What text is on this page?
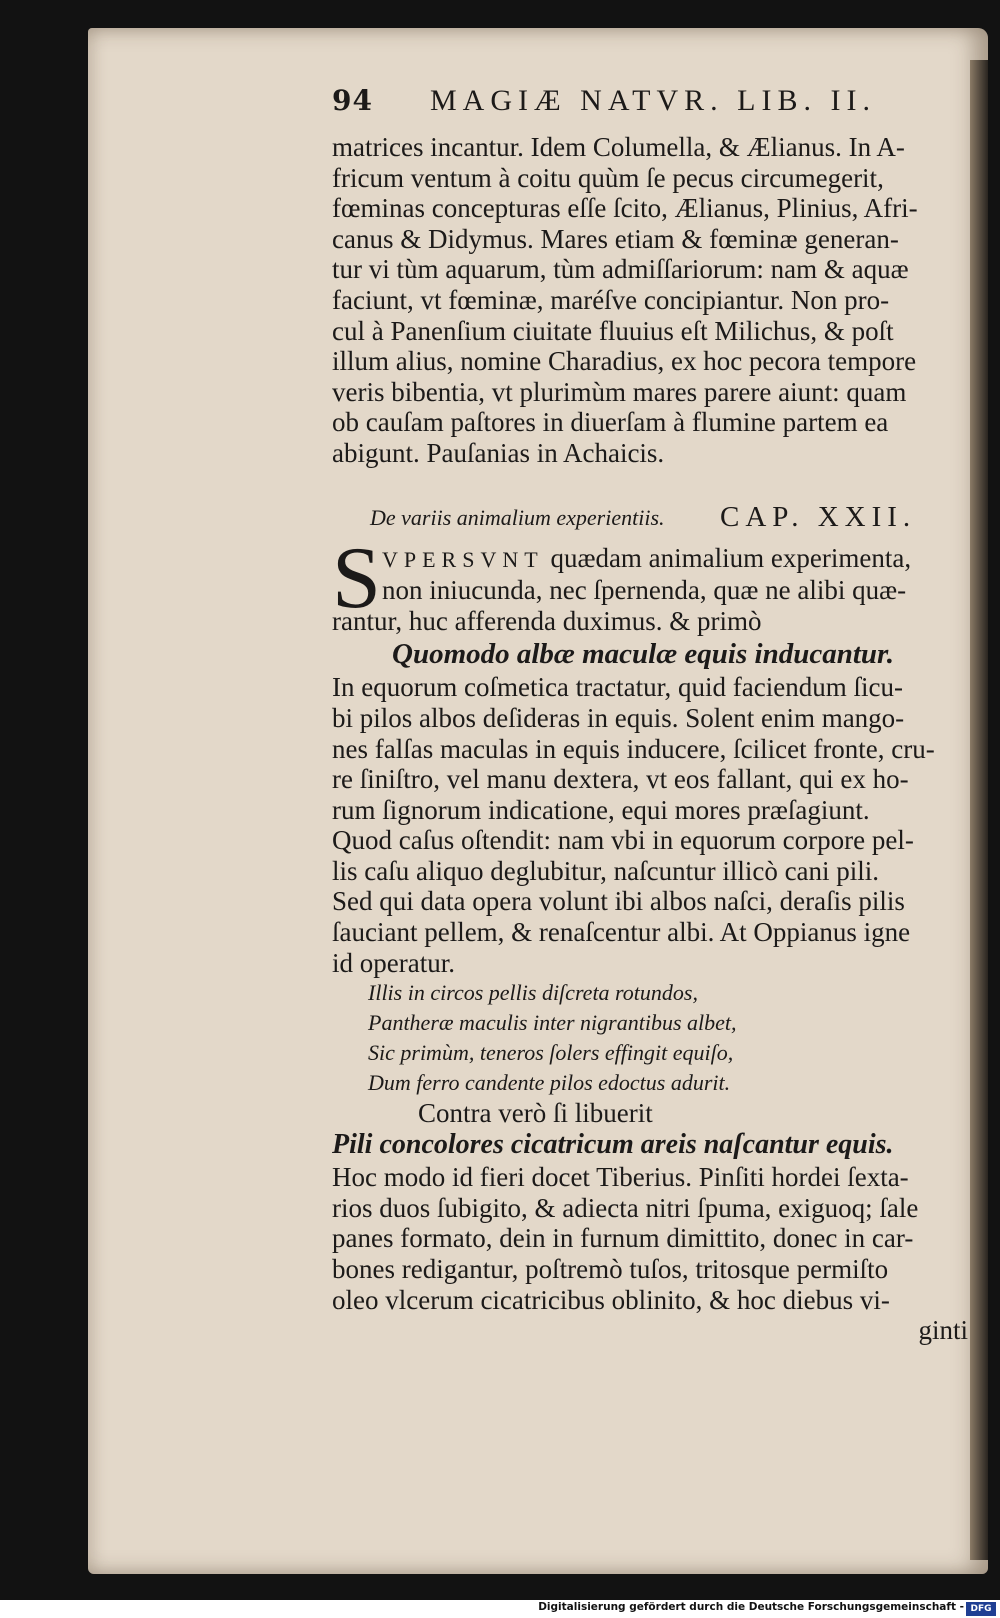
94 MAGIÆ NATVR. LIB. II.
matrices incantur. Idem Columella, & Ælianus. In A-
fricum ventum à coitu quùm ſe pecus circumegerit,
fœminas concepturas eſſe ſcito, Ælianus, Plinius, Afri-
canus & Didymus. Mares etiam & fœminæ generan-
tur vi tùm aquarum, tùm admiſſariorum: nam & aquæ
faciunt, vt fœminæ, maréſve concipiantur. Non pro-
cul à Panenſium ciuitate fluuius eſt Milichus, & poſt
illum alius, nomine Charadius, ex hoc pecora tempore
veris bibentia, vt plurimùm mares parere aiunt: quam
ob cauſam paſtores in diuerſam à flumine partem ea
abigunt. Pauſanias in Achaicis.
De variis animalium experientiis. CAP. XXII.
S VPERSVNT quædam animalium experimenta,
non iniucunda, nec ſpernenda, quæ ne alibi quæ-
rantur, huc afferenda duximus. & primò
Quomodo albæ maculæ equis inducantur.
In equorum coſmetica tractatur, quid faciendum ſicu-
bi pilos albos deſideras in equis. Solent enim mango-
nes falſas maculas in equis inducere, ſcilicet fronte, cru-
re ſiniſtro, vel manu dextera, vt eos fallant, qui ex ho-
rum ſignorum indicatione, equi mores præſagiunt.
Quod caſus oſtendit: nam vbi in equorum corpore pel-
lis caſu aliquo deglubitur, naſcuntur illicò cani pili.
Sed qui data opera volunt ibi albos naſci, deraſis pilis
ſauciant pellem, & renaſcentur albi. At Oppianus igne
id operatur.
Illis in circos pellis diſcreta rotundos,
Pantheræ maculis inter nigrantibus albet,
Sic primùm, teneros ſolers effingit equiſo,
Dum ferro candente pilos edoctus adurit.
Contra verò ſi libuerit
Pili concolores cicatricum areis naſcantur equis.
Hoc modo id fieri docet Tiberius. Pinſiti hordei ſexta-
rios duos ſubigito, & adiecta nitri ſpuma, exiguoq; ſale
panes formato, dein in furnum dimittito, donec in car-
bones redigantur, poſtremò tuſos, tritosque permiſto
oleo vlcerum cicatricibus oblinito, & hoc diebus vi-
ginti
Digitalisierung gefördert durch die Deutsche Forschungsgemeinschaft - DFG
